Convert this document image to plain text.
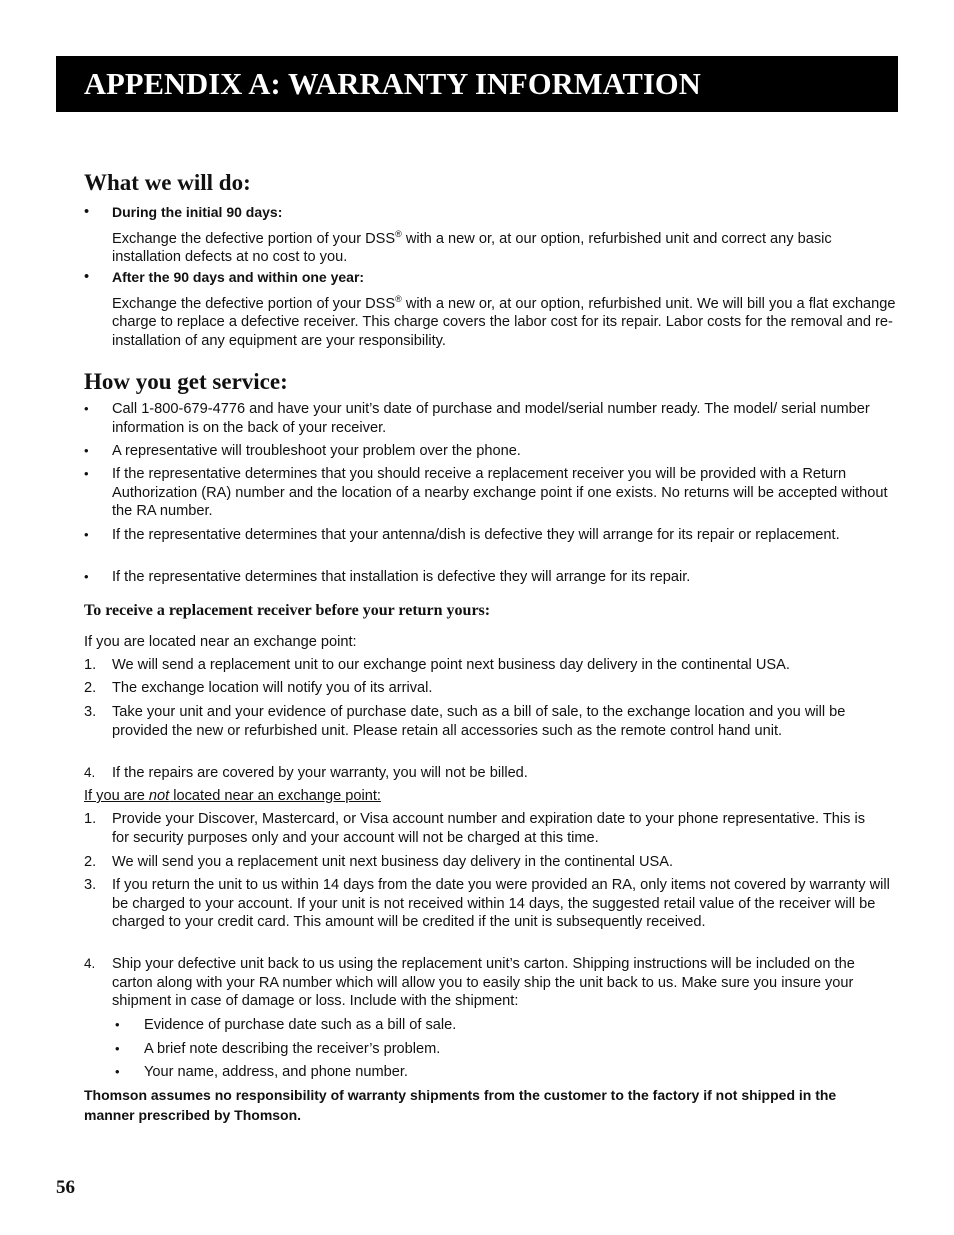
APPENDIX A: WARRANTY INFORMATION
What we will do:
• During the initial 90 days:
Exchange the defective portion of your DSS® with a new or, at our option, refurbished unit and correct any basic installation defects at no cost to you.
• After the 90 days and within one year:
Exchange the defective portion of your DSS® with a new or, at our option, refurbished unit. We will bill you a flat exchange charge to replace a defective receiver. This charge covers the labor cost for its repair. Labor costs for the removal and re-installation of any equipment are your responsibility.
How you get service:
• Call 1-800-679-4776 and have your unit’s date of purchase and model/serial number ready. The model/ serial number information is on the back of your receiver.
• A representative will troubleshoot your problem over the phone.
• If the representative determines that you should receive a replacement receiver you will be provided with a Return Authorization (RA) number and the location of a nearby exchange point if one exists. No returns will be accepted without the RA number.
• If the representative determines that your antenna/dish is defective they will arrange for its repair or replacement.
• If the representative determines that installation is defective they will arrange for its repair.
To receive a replacement receiver before your return yours:
If you are located near an exchange point:
1. We will send a replacement unit to our exchange point next business day delivery in the continental USA.
2. The exchange location will notify you of its arrival.
3. Take your unit and your evidence of purchase date, such as a bill of sale, to the exchange location and you will be provided the new or refurbished unit. Please retain all accessories such as the remote control hand unit.
4. If the repairs are covered by your warranty, you will not be billed.
If you are not located near an exchange point:
1. Provide your Discover, Mastercard, or Visa account number and expiration date to your phone representative. This is for security purposes only and your account will not be charged at this time.
2. We will send you a replacement unit next business day delivery in the continental USA.
3. If you return the unit to us within 14 days from the date you were provided an RA, only items not covered by warranty will be charged to your account. If your unit is not received within 14 days, the suggested retail value of the receiver will be charged to your credit card. This amount will be credited if the unit is subsequently received.
4. Ship your defective unit back to us using the replacement unit’s carton. Shipping instructions will be included on the carton along with your RA number which will allow you to easily ship the unit back to us. Make sure you insure your shipment in case of damage or loss. Include with the shipment:
• Evidence of purchase date such as a bill of sale.
• A brief note describing the receiver’s problem.
• Your name, address, and phone number.
Thomson assumes no responsibility of warranty shipments from the customer to the factory if not shipped in the manner prescribed by Thomson.
56
